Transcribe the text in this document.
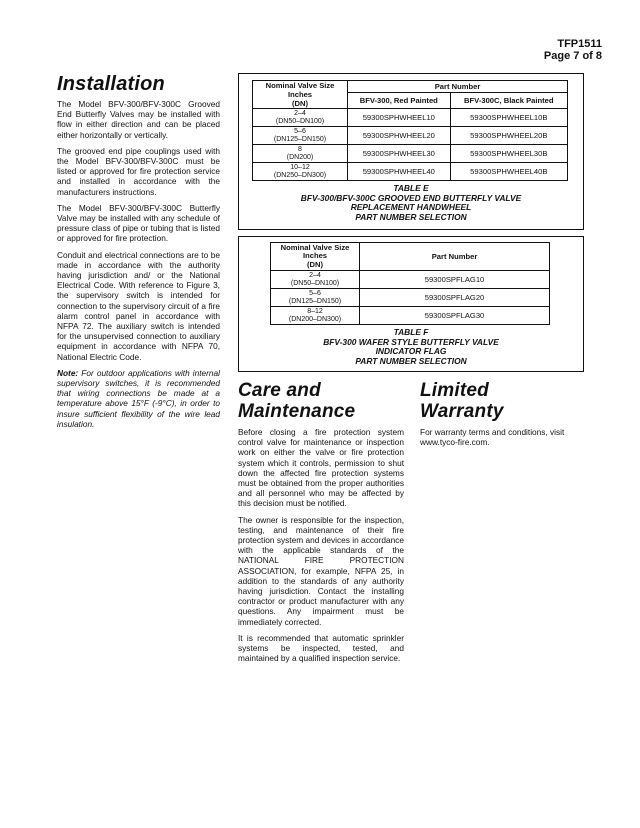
TFP1511
Page 7 of 8
Installation

The Model BFV-300/BFV-300C Grooved End Butterfly Valves may be installed with flow in either direction and can be placed either horizontally or vertically.

The grooved end pipe couplings used with the Model BFV-300/BFV-300C must be listed or approved for fire protection service and installed in accordance with the manufacturers instructions.

The Model BFV-300/BFV-300C Butterfly Valve may be installed with any schedule of pressure class of pipe or tubing that is listed or approved for fire protection.

Conduit and electrical connections are to be made in accordance with the authority having jurisdiction and/ or the National Electrical Code. With reference to Figure 3, the supervisory switch is intended for connection to the supervisory circuit of a fire alarm control panel in accordance with NFPA 72. The auxiliary switch is intended for the unsupervised connection to auxiliary equipment in accordance with NFPA 70, National Electric Code.

Note: For outdoor applications with internal supervisory switches, it is recommended that wiring connections be made at a temperature above 15°F (-9°C), in order to insure sufficient flexibility of the wire lead insulation.

Nominal Valve Size
Inches
(DN)	Part Number	
	BFV-300, Red Painted	BFV-300C, Black Painted

2–4
(DN50–DN100)	59300SPHWHEEL10	59300SPHWHEEL10B

5–6
(DN125–DN150)	59300SPHWHEEL20	59300SPHWHEEL20B

8
(DN200)	59300SPHWHEEL30	59300SPHWHEEL30B

10–12
(DN250–DN300)	59300SPHWHEEL40	59300SPHWHEEL40B
TABLE E
BFV-300/BFV-300C GROOVED END BUTTERFLY VALVE
REPLACEMENT HANDWHEEL
PART NUMBER SELECTION
Nominal Valve Size
Inches
(DN)	Part Number

2–4
(DN50–DN100)	59300SPFLAG10

5–6
(DN125–DN150)	59300SPFLAG20

8–12
(DN200–DN300)	59300SPFLAG30
TABLE F
BFV-300 WAFER STYLE BUTTERFLY VALVE
INDICATOR FLAG
PART NUMBER SELECTION
Care and
Maintenance

Before closing a fire protection system control valve for maintenance or inspection work on either the valve or fire protection system which it controls, permission to shut down the affected fire protection systems must be obtained from the proper authorities and all personnel who may be affected by this decision must be notified.

The owner is responsible for the inspection, testing, and maintenance of their fire protection system and devices in accordance with the applicable standards of the NATIONAL FIRE PROTECTION ASSOCIATION, for example, NFPA 25, in addition to the standards of any authority having jurisdiction. Contact the installing contractor or product manufacturer with any questions. Any impairment must be immediately corrected.

It is recommended that automatic sprinkler systems be inspected, tested, and maintained by a qualified inspection service.

Limited
Warranty

For warranty terms and conditions, visit www.tyco-fire.com.
